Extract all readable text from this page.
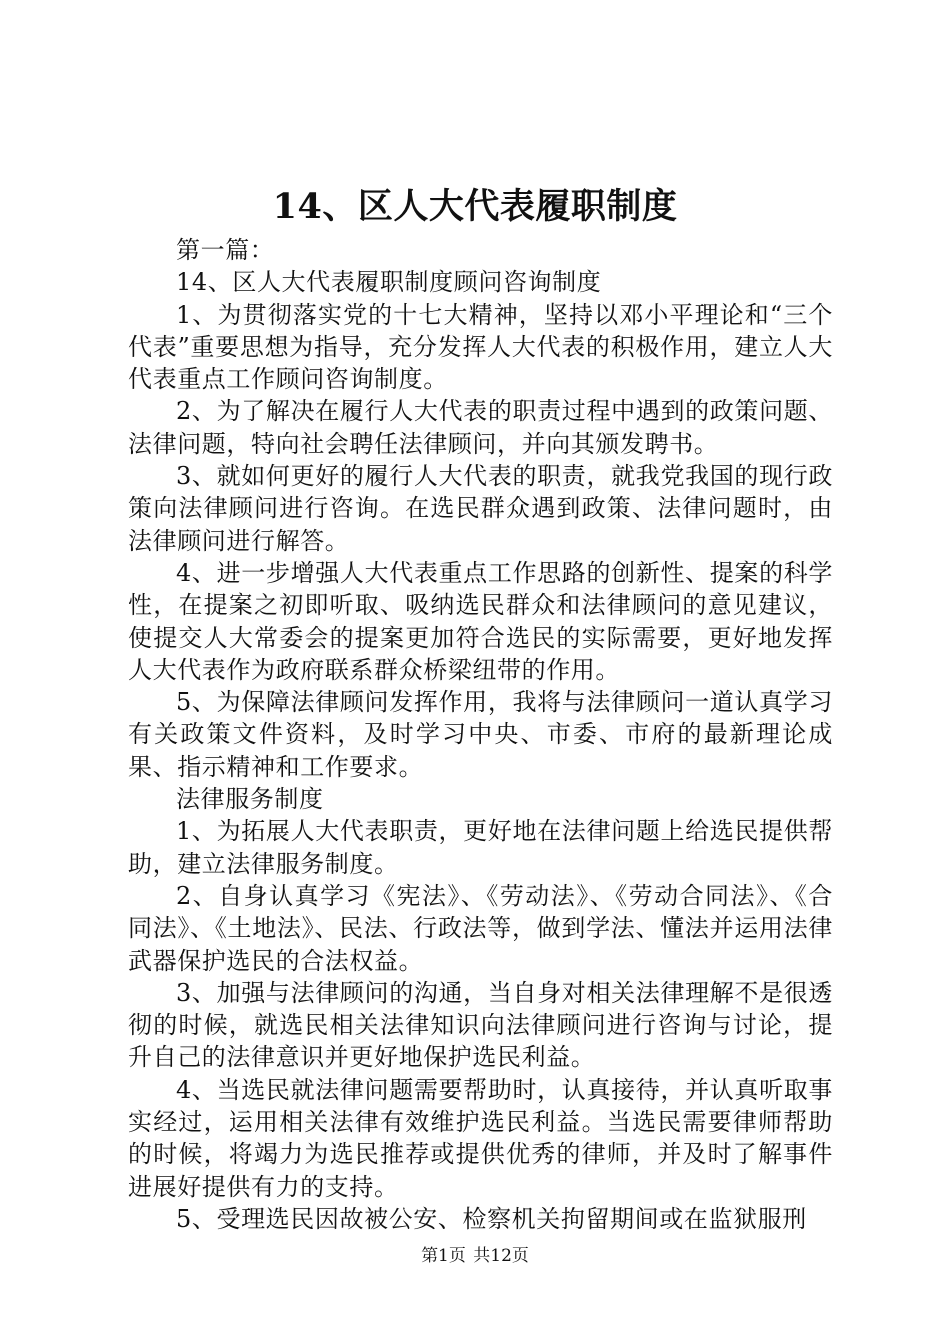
14、区人大代表履职制度

第一篇：

14、区人大代表履职制度顾问咨询制度

1、为贯彻落实党的十七大精神，坚持以邓小平理论和“三个代表”重要思想为指导，充分发挥人大代表的积极作用，建立人大代表重点工作顾问咨询制度。

2、为了解决在履行人大代表的职责过程中遇到的政策问题、法律问题，特向社会聘任法律顾问，并向其颁发聘书。

3、就如何更好的履行人大代表的职责，就我党我国的现行政策向法律顾问进行咨询。在选民群众遇到政策、法律问题时，由法律顾问进行解答。

4、进一步增强人大代表重点工作思路的创新性、提案的科学性，在提案之初即听取、吸纳选民群众和法律顾问的意见建议，使提交人大常委会的提案更加符合选民的实际需要，更好地发挥人大代表作为政府联系群众桥梁纽带的作用。

5、为保障法律顾问发挥作用，我将与法律顾问一道认真学习有关政策文件资料，及时学习中央、市委、市府的最新理论成果、指示精神和工作要求。

法律服务制度

1、为拓展人大代表职责，更好地在法律问题上给选民提供帮助，建立法律服务制度。

2、自身认真学习《宪法》、《劳动法》、《劳动合同法》、《合同法》、《土地法》、民法、行政法等，做到学法、懂法并运用法律武器保护选民的合法权益。

3、加强与法律顾问的沟通，当自身对相关法律理解不是很透彻的时候，就选民相关法律知识向法律顾问进行咨询与讨论，提升自己的法律意识并更好地保护选民利益。

4、当选民就法律问题需要帮助时，认真接待，并认真听取事实经过，运用相关法律有效维护选民利益。当选民需要律师帮助的时候，将竭力为选民推荐或提供优秀的律师，并及时了解事件进展好提供有力的支持。

5、受理选民因故被公安、检察机关拘留期间或在监狱服刑

第1页 共12页
